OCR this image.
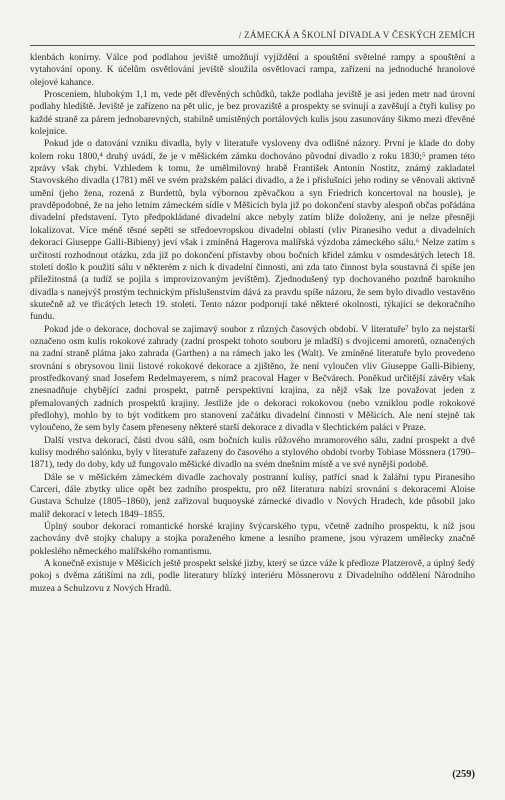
/ ZÁMECKÁ A ŠKOLNÍ DIVADLA V ČESKÝCH ZEMÍCH

klenbách konírny. Válce pod podlahou jeviště umožňují vyjíždění a spouštění světelné rampy a spouštění a vytahování opony. K účelům osvětlování jeviště sloužila osvětlovací rampa, zařízení na jednoduché hranolové olejové kahance.

Prosceniem, hlubokým 1,1 m, vede pět dřevěných schůdků, takže podlaha jeviště je asi jeden metr nad úrovní podlahy hlediště. Jeviště je zařízeno na pět ulic, je bez provaziště a prospekty se svinují a zavěšují a čtyři kulisy po každé straně za párem jednobarevných, stabilně umístěných portálových kulis jsou zasunovány šikmo mezi dřevěné kolejnice.

Pokud jde o datování vzniku divadla, byly v literatuře vysloveny dva odlišné názory. První je klade do doby kolem roku 1800,⁴ druhý uvádí, že je v měšickém zámku dochováno původní divadlo z roku 1830;⁵ pramen této zprávy však chybí. Vzhledem k tomu, že umělmilovný hrabě František Antonín Nostitz, známý zakladatel Stavovského divadla (1781) měl ve svém pražském paláci divadlo, a že i příslušníci jeho rodiny se věnovali aktivně umění (jeho žena, rozená z Burdettů, byla výbornou zpěvačkou a syn Friedrich koncertoval na housle), je pravděpodobné, že na jeho letním zámeckém sídle v Měšicích byla již po dokončení stavby alespoň občas pořádána divadelní představení. Tyto předpokládané divadelní akce nebyly zatím blíže doloženy, ani je nelze přesněji lokalizovat. Více méně těsné sepětí se středoevropskou divadelní oblastí (vliv Piranesiho vedut a divadelních dekorací Giuseppe Galli-Bibieny) jeví však i zmíněná Hagerova malířská výzdoba zámeckého sálu.⁶ Nelze zatím s určitostí rozhodnout otázku, zda již po dokončení přístavby obou bočních křídel zámku v osmdesátých letech 18. století došlo k použití sálu v některém z nich k divadelní činnosti, ani zda tato činnost byla soustavná či spíše jen příležitostná (a tudíž se pojila s improvizovaným jevištěm). Zjednodušený typ dochovaného pozdně barokního divadla s nanejvýš prostým technickým příslušenstvím dává za pravdu spíše názoru, že sem bylo divadlo vestavěno skutečně až ve třicátých letech 19. století. Tento názor podporují také některé okolnosti, týkající se dekoračního fundu.

Pokud jde o dekorace, dochoval se zajímavý soubor z různých časových období. V literatuře⁷ bylo za nejstarší označeno osm kulis rokokové zahrady (zadní prospekt tohoto souboru je mladší) s dvojicemi amoretů, označených na zadní straně plátna jako zahrada (Garthen) a na rámech jako les (Walt). Ve zmíněné literatuře bylo provedeno srovnání s obrysovou linií listové rokokové dekorace a zjištěno, že není vyloučen vliv Giuseppe Galli-Bibieny, prostředkovaný snad Josefem Redelmayerem, s nímž pracoval Hager v Bečvárech. Poněkud určitější závěry však znesnadňuje chybějící zadní prospekt, patrně perspektivní krajina, za nějž však lze považovat jeden z přemalovaných zadních prospektů krajiny. Jestliže jde o dekoraci rokokovou (nebo vzniklou podle rokokové předlohy), mohlo by to být vodítkem pro stanovení začátku divadelní činnosti v Měšicích. Ale není stejně tak vyloučeno, že sem byly časem přeneseny některé starší dekorace z divadla v šlechtickém paláci v Praze.

Další vrstva dekorací, části dvou sálů, osm bočních kulis růžového mramorového sálu, zadní prospekt a dvě kulisy modrého salónku, byly v literatuře zařazeny do časového a stylového období tvorby Tobiase Mössnera (1790–1871), tedy do doby, kdy už fungovalo měšické divadlo na svém dnešním místě a ve své nynější podobě.

Dále se v měšickém zámeckém divadle zachovaly postranní kulisy, patřící snad k žalářní typu Piranesiho Carceri, dále zbytky ulice opět bez zadního prospektu, pro něž literatura nabízí srovnání s dekoracemi Aloise Gustava Schulze (1805–1860), jenž zařizoval buquoyské zámecké divadlo v Nových Hradech, kde působil jako malíř dekorací v letech 1849–1855.

Úplný soubor dekorací romantické horské krajiny švýcarského typu, včetně zadního prospektu, k níž jsou zachovány dvě stojky chalupy a stojka poraženého kmene a lesního pramene, jsou výrazem umělecky značně pokleslého německého malířského romantismu.

A konečně existuje v Měšicích ještě prospekt selské jizby, který se úzce váže k předloze Platzerově, a úplný šedý pokoj s dvěma zátišími na zdi, podle literatury blízký interiéru Mössnerovu z Divadelního oddělení Národního muzea a Schulzovu z Nových Hradů.

(259)
